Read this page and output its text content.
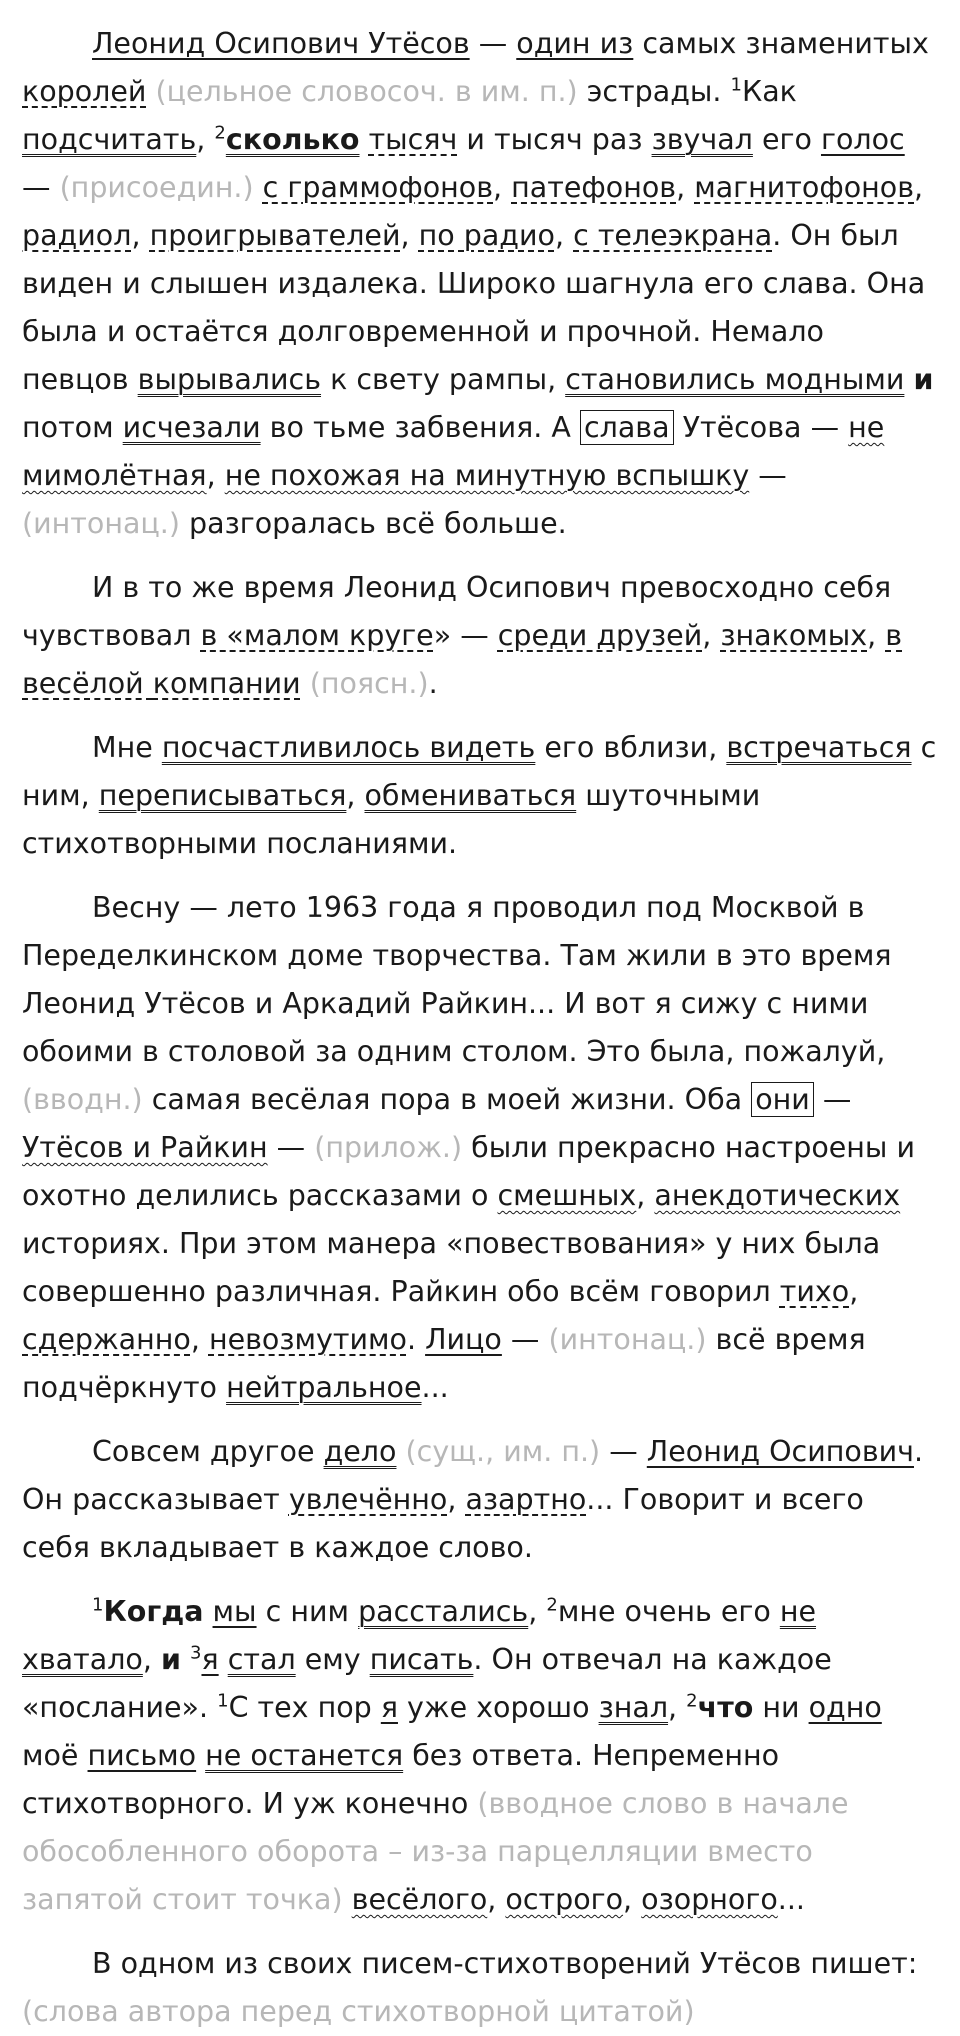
Леонид Осипович Утёсов — один из самых знаменитых королей (цельное словосоч. в им. п.) эстрады. $^1$Как подсчитать, $^2$сколько тысяч и тысяч раз звучал его голос — (присоедин.) с граммофонов, патефонов, магнитофонов, радиол, проигрывателей, по радио, с телеэкрана. Он был виден и слышен издалека. Широко шагнула его слава. Она была и остаётся долговременной и прочной. Немало певцов вырывались к свету рампы, становились модными и потом исчезали во тьме забвения. А слава Утёсова — не мимолётная, не похожая на минутную вспышку — (интонац.) разгоралась всё больше.

И в то же время Леонид Осипович превосходно себя чувствовал в «малом круге» — среди друзей, знакомых, в весёлой компании (поясн.).

Мне посчастливилось видеть его вблизи, встречаться с ним, переписываться, обмениваться шуточными стихотворными посланиями.

Весну — лето 1963 года я проводил под Москвой в Переделкинском доме творчества. Там жили в это время Леонид Утёсов и Аркадий Райкин... И вот я сижу с ними обоими в столовой за одним столом. Это была, пожалуй, (вводн.) самая весёлая пора в моей жизни. Оба они — Утёсов и Райкин — (прилож.) были прекрасно настроены и охотно делились рассказами о смешных, анекдотических историях. При этом манера «повествования» у них была совершенно различная. Райкин обо всём говорил тихо, сдержанно, невозмутимо. Лицо — (интонац.) всё время подчёркнуто нейтральное...

Совсем другое дело (сущ., им. п.) — Леонид Осипович. Он рассказывает увлечённо, азартно... Говорит и всего себя вкладывает в каждое слово.

$^1$Когда мы с ним расстались, $^2$мне очень его не хватало, и $^3$я стал ему писать. Он отвечал на каждое «послание». $^1$С тех пор я уже хорошо знал, $^2$что ни одно моё письмо не останется без ответа. Непременно стихотворного. И уж конечно (вводное слово в начале обособленного оборота – из-за парцелляции вместо запятой стоит точка) весёлого, острого, озорного...

В одном из своих писем-стихотворений Утёсов пишет: (слова автора перед стихотворной цитатой)
